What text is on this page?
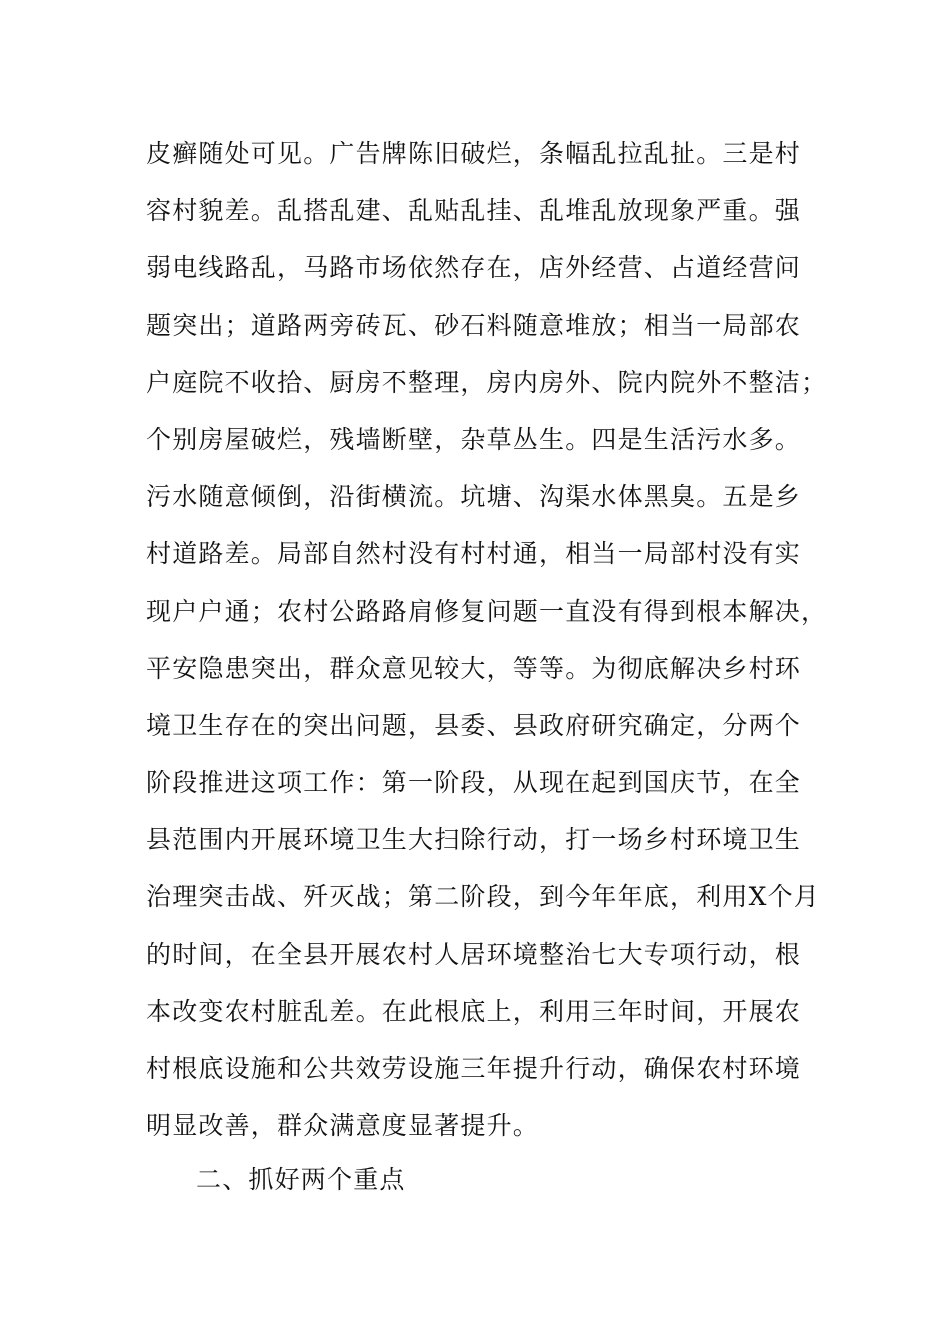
皮癣随处可见。广告牌陈旧破烂，条幅乱拉乱扯。三是村
容村貌差。乱搭乱建、乱贴乱挂、乱堆乱放现象严重。强
弱电线路乱，马路市场依然存在，店外经营、占道经营问
题突出；道路两旁砖瓦、砂石料随意堆放；相当一局部农
户庭院不收拾、厨房不整理，房内房外、院内院外不整洁；
个别房屋破烂，残墙断壁，杂草丛生。四是生活污水多。
污水随意倾倒，沿街横流。坑塘、沟渠水体黑臭。五是乡
村道路差。局部自然村没有村村通，相当一局部村没有实
现户户通；农村公路路肩修复问题一直没有得到根本解决，
平安隐患突出，群众意见较大，等等。为彻底解决乡村环
境卫生存在的突出问题，县委、县政府研究确定，分两个
阶段推进这项工作：第一阶段，从现在起到国庆节，在全
县范围内开展环境卫生大扫除行动，打一场乡村环境卫生
治理突击战、歼灭战；第二阶段，到今年年底，利用X个月
的时间，在全县开展农村人居环境整治七大专项行动，根
本改变农村脏乱差。在此根底上，利用三年时间，开展农
村根底设施和公共效劳设施三年提升行动，确保农村环境
明显改善，群众满意度显著提升。
二、抓好两个重点
